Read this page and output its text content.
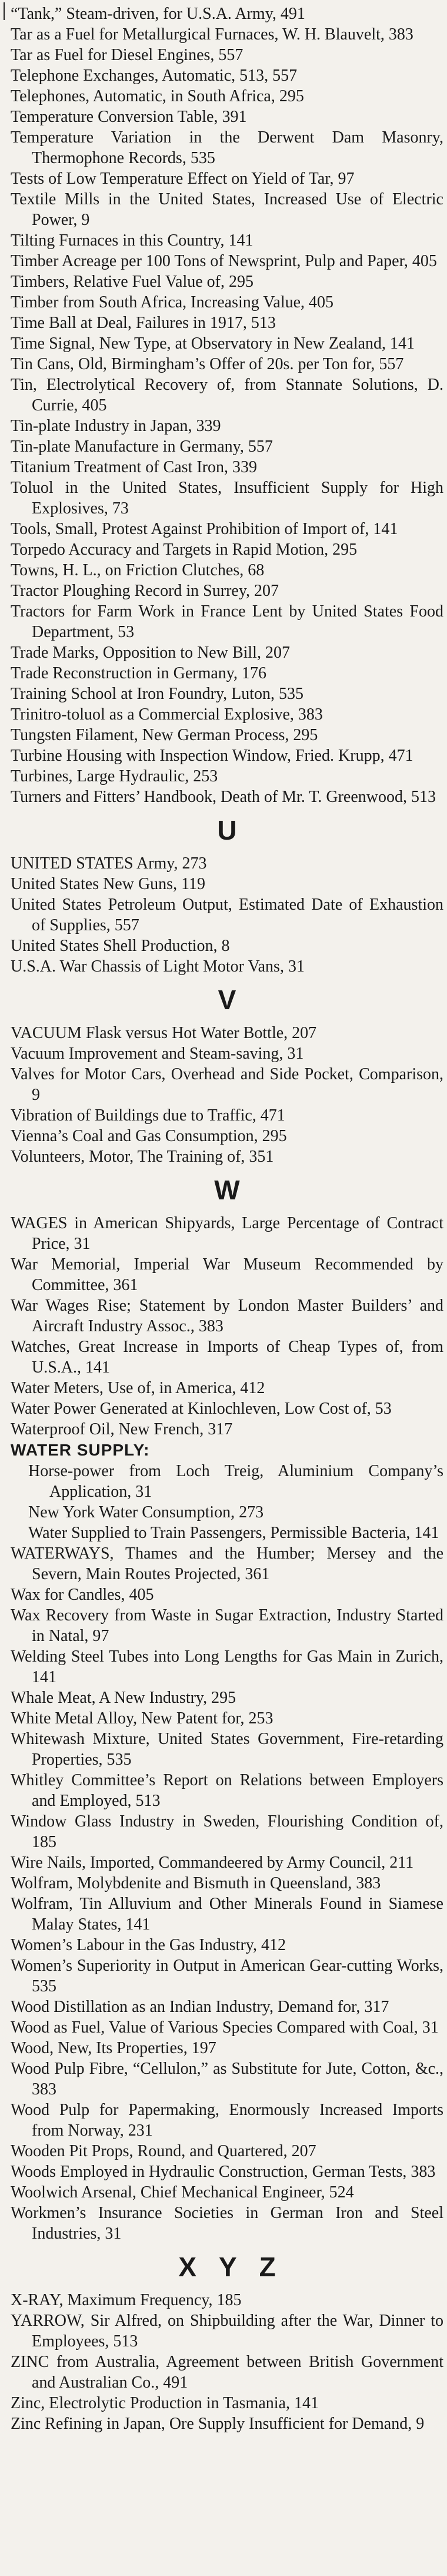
“Tank,” Steam-driven, for U.S.A. Army, 491

Tar as a Fuel for Metallurgical Furnaces, W. H. Blauvelt, 383

Tar as Fuel for Diesel Engines, 557

Telephone Exchanges, Automatic, 513, 557

Telephones, Automatic, in South Africa, 295

Temperature Conversion Table, 391

Temperature Variation in the Derwent Dam Masonry, Thermophone Records, 535

Tests of Low Temperature Effect on Yield of Tar, 97

Textile Mills in the United States, Increased Use of Electric Power, 9

Tilting Furnaces in this Country, 141

Timber Acreage per 100 Tons of Newsprint, Pulp and Paper, 405

Timbers, Relative Fuel Value of, 295

Timber from South Africa, Increasing Value, 405

Time Ball at Deal, Failures in 1917, 513

Time Signal, New Type, at Observatory in New Zealand, 141

Tin Cans, Old, Birmingham’s Offer of 20s. per Ton for, 557

Tin, Electrolytical Recovery of, from Stannate Solutions, D. Currie, 405

Tin-plate Industry in Japan, 339

Tin-plate Manufacture in Germany, 557

Titanium Treatment of Cast Iron, 339

Toluol in the United States, Insufficient Supply for High Explosives, 73

Tools, Small, Protest Against Prohibition of Import of, 141

Torpedo Accuracy and Targets in Rapid Motion, 295

Towns, H. L., on Friction Clutches, 68

Tractor Ploughing Record in Surrey, 207

Tractors for Farm Work in France Lent by United States Food Department, 53

Trade Marks, Opposition to New Bill, 207

Trade Reconstruction in Germany, 176

Training School at Iron Foundry, Luton, 535

Trinitro-toluol as a Commercial Explosive, 383

Tungsten Filament, New German Process, 295

Turbine Housing with Inspection Window, Fried. Krupp, 471

Turbines, Large Hydraulic, 253

Turners and Fitters’ Handbook, Death of Mr. T. Greenwood, 513

U

UNITED STATES Army, 273

United States New Guns, 119

United States Petroleum Output, Estimated Date of Exhaustion of Supplies, 557

United States Shell Production, 8

U.S.A. War Chassis of Light Motor Vans, 31

V

VACUUM Flask versus Hot Water Bottle, 207

Vacuum Improvement and Steam-saving, 31

Valves for Motor Cars, Overhead and Side Pocket, Comparison, 9

Vibration of Buildings due to Traffic, 471

Vienna’s Coal and Gas Consumption, 295

Volunteers, Motor, The Training of, 351

W

WAGES in American Shipyards, Large Percentage of Contract Price, 31

War Memorial, Imperial War Museum Recommended by Committee, 361

War Wages Rise; Statement by London Master Builders’ and Aircraft Industry Assoc., 383

Watches, Great Increase in Imports of Cheap Types of, from U.S.A., 141

Water Meters, Use of, in America, 412

Water Power Generated at Kinlochleven, Low Cost of, 53

Waterproof Oil, New French, 317

WATER SUPPLY:

Horse-power from Loch Treig, Aluminium Company’s Application, 31

New York Water Consumption, 273

Water Supplied to Train Passengers, Permissible Bacteria, 141

WATERWAYS, Thames and the Humber; Mersey and the Severn, Main Routes Projected, 361

Wax for Candles, 405

Wax Recovery from Waste in Sugar Extraction, Industry Started in Natal, 97

Welding Steel Tubes into Long Lengths for Gas Main in Zurich, 141

Whale Meat, A New Industry, 295

White Metal Alloy, New Patent for, 253

Whitewash Mixture, United States Government, Fire-retarding Properties, 535

Whitley Committee’s Report on Relations between Employers and Employed, 513

Window Glass Industry in Sweden, Flourishing Condition of, 185

Wire Nails, Imported, Commandeered by Army Council, 211

Wolfram, Molybdenite and Bismuth in Queensland, 383

Wolfram, Tin Alluvium and Other Minerals Found in Siamese Malay States, 141

Women’s Labour in the Gas Industry, 412

Women’s Superiority in Output in American Gear-cutting Works, 535

Wood Distillation as an Indian Industry, Demand for, 317

Wood as Fuel, Value of Various Species Compared with Coal, 31

Wood, New, Its Properties, 197

Wood Pulp Fibre, “Cellulon,” as Substitute for Jute, Cotton, &c., 383

Wood Pulp for Papermaking, Enormously Increased Imports from Norway, 231

Wooden Pit Props, Round, and Quartered, 207

Woods Employed in Hydraulic Construction, German Tests, 383

Woolwich Arsenal, Chief Mechanical Engineer, 524

Workmen’s Insurance Societies in German Iron and Steel Industries, 31

X Y Z

X-RAY, Maximum Frequency, 185

YARROW, Sir Alfred, on Shipbuilding after the War, Dinner to Employees, 513

ZINC from Australia, Agreement between British Government and Australian Co., 491

Zinc, Electrolytic Production in Tasmania, 141

Zinc Refining in Japan, Ore Supply Insufficient for Demand, 9
